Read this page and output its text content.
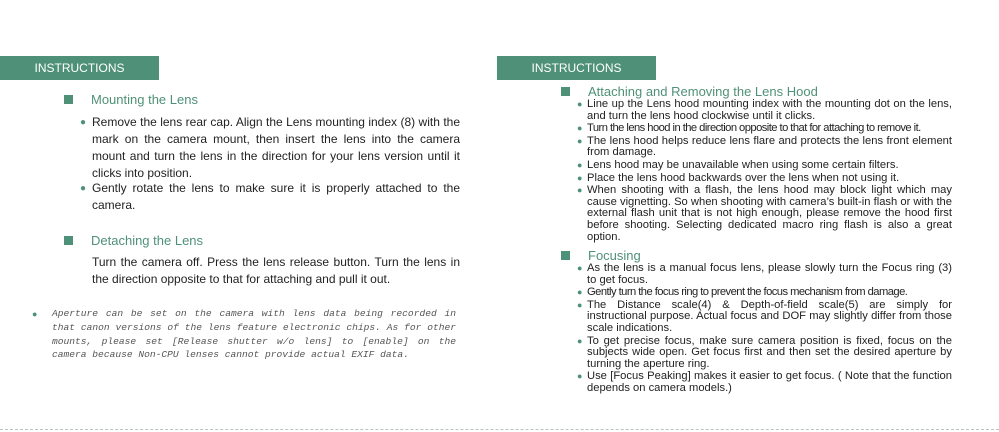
INSTRUCTIONS
Mounting the Lens
● Remove the lens rear cap. Align the Lens mounting index (8) with the mark on the camera mount, then insert the lens into the camera mount and turn the lens in the direction for your lens version until it clicks into position.
● Gently rotate the lens to make sure it is properly attached to the camera.
Detaching the Lens
Turn the camera off. Press the lens release button. Turn the lens in the direction opposite to that for attaching and pull it out.
● Aperture can be set on the camera with lens data being recorded in that canon versions of the lens feature electronic chips. As for other mounts, please set [Release shutter w/o lens] to [enable] on the camera because Non-CPU lenses cannot provide actual EXIF data.
INSTRUCTIONS
Attaching and Removing the Lens Hood
● Line up the Lens hood mounting index with the mounting dot on the lens, and turn the lens hood clockwise until it clicks.
● Turn the lens hood in the direction opposite to that for attaching to remove it.
● The lens hood helps reduce lens flare and protects the lens front element from damage.
● Lens hood may be unavailable when using some certain filters.
● Place the lens hood backwards over the lens when not using it.
● When shooting with a flash, the lens hood may block light which may cause vignetting. So when shooting with camera’s built-in flash or with the external flash unit that is not high enough, please remove the hood first before shooting. Selecting dedicated macro ring flash is also a great option.
Focusing
● As the lens is a manual focus lens, please slowly turn the Focus ring (3) to get focus.
● Gently turn the focus ring to prevent the focus mechanism from damage.
● The Distance scale(4) & Depth-of-field scale(5) are simply for instructional purpose. Actual focus and DOF may slightly differ from those scale indications.
● To get precise focus, make sure camera position is fixed, focus on the subjects wide open. Get focus first and then set the desired aperture by turning the aperture ring.
● Use [Focus Peaking] makes it easier to get focus. ( Note that the function depends on camera models.)
